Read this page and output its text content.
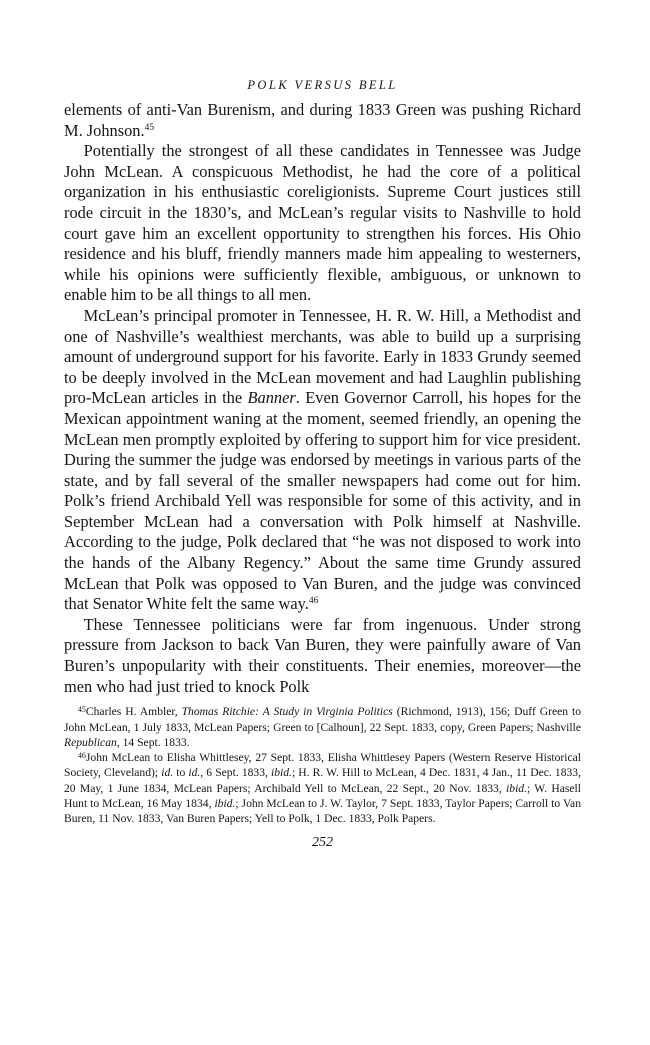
POLK VERSUS BELL

elements of anti-Van Burenism, and during 1833 Green was pushing Richard M. Johnson.$^{45}$

Potentially the strongest of all these candidates in Tennessee was Judge John McLean. A conspicuous Methodist, he had the core of a political organization in his enthusiastic coreligionists. Supreme Court justices still rode circuit in the 1830’s, and McLean’s regular visits to Nashville to hold court gave him an excellent opportunity to strengthen his forces. His Ohio residence and his bluff, friendly manners made him appealing to westerners, while his opinions were sufficiently flexible, ambiguous, or unknown to enable him to be all things to all men.

McLean’s principal promoter in Tennessee, H. R. W. Hill, a Methodist and one of Nashville’s wealthiest merchants, was able to build up a surprising amount of underground support for his favorite. Early in 1833 Grundy seemed to be deeply involved in the McLean movement and had Laughlin publishing pro-McLean articles in the Banner. Even Governor Carroll, his hopes for the Mexican appointment waning at the moment, seemed friendly, an opening the McLean men promptly exploited by offering to support him for vice president. During the summer the judge was endorsed by meetings in various parts of the state, and by fall several of the smaller newspapers had come out for him. Polk’s friend Archibald Yell was responsible for some of this activity, and in September McLean had a conversation with Polk himself at Nashville. According to the judge, Polk declared that “he was not disposed to work into the hands of the Albany Regency.” About the same time Grundy assured McLean that Polk was opposed to Van Buren, and the judge was convinced that Senator White felt the same way.$^{46}$

These Tennessee politicians were far from ingenuous. Under strong pressure from Jackson to back Van Buren, they were painfully aware of Van Buren’s unpopularity with their constituents. Their enemies, moreover—the men who had just tried to knock Polk

$^{45}$Charles H. Ambler, Thomas Ritchie: A Study in Virginia Politics (Richmond, 1913), 156; Duff Green to John McLean, 1 July 1833, McLean Papers; Green to [Calhoun], 22 Sept. 1833, copy, Green Papers; Nashville Republican, 14 Sept. 1833.

$^{46}$John McLean to Elisha Whittlesey, 27 Sept. 1833, Elisha Whittlesey Papers (Western Reserve Historical Society, Cleveland); id. to id., 6 Sept. 1833, ibid.; H. R. W. Hill to McLean, 4 Dec. 1831, 4 Jan., 11 Dec. 1833, 20 May, 1 June 1834, McLean Papers; Archibald Yell to McLean, 22 Sept., 20 Nov. 1833, ibid.; W. Hasell Hunt to McLean, 16 May 1834, ibid.; John McLean to J. W. Taylor, 7 Sept. 1833, Taylor Papers; Carroll to Van Buren, 11 Nov. 1833, Van Buren Papers; Yell to Polk, 1 Dec. 1833, Polk Papers.

252
